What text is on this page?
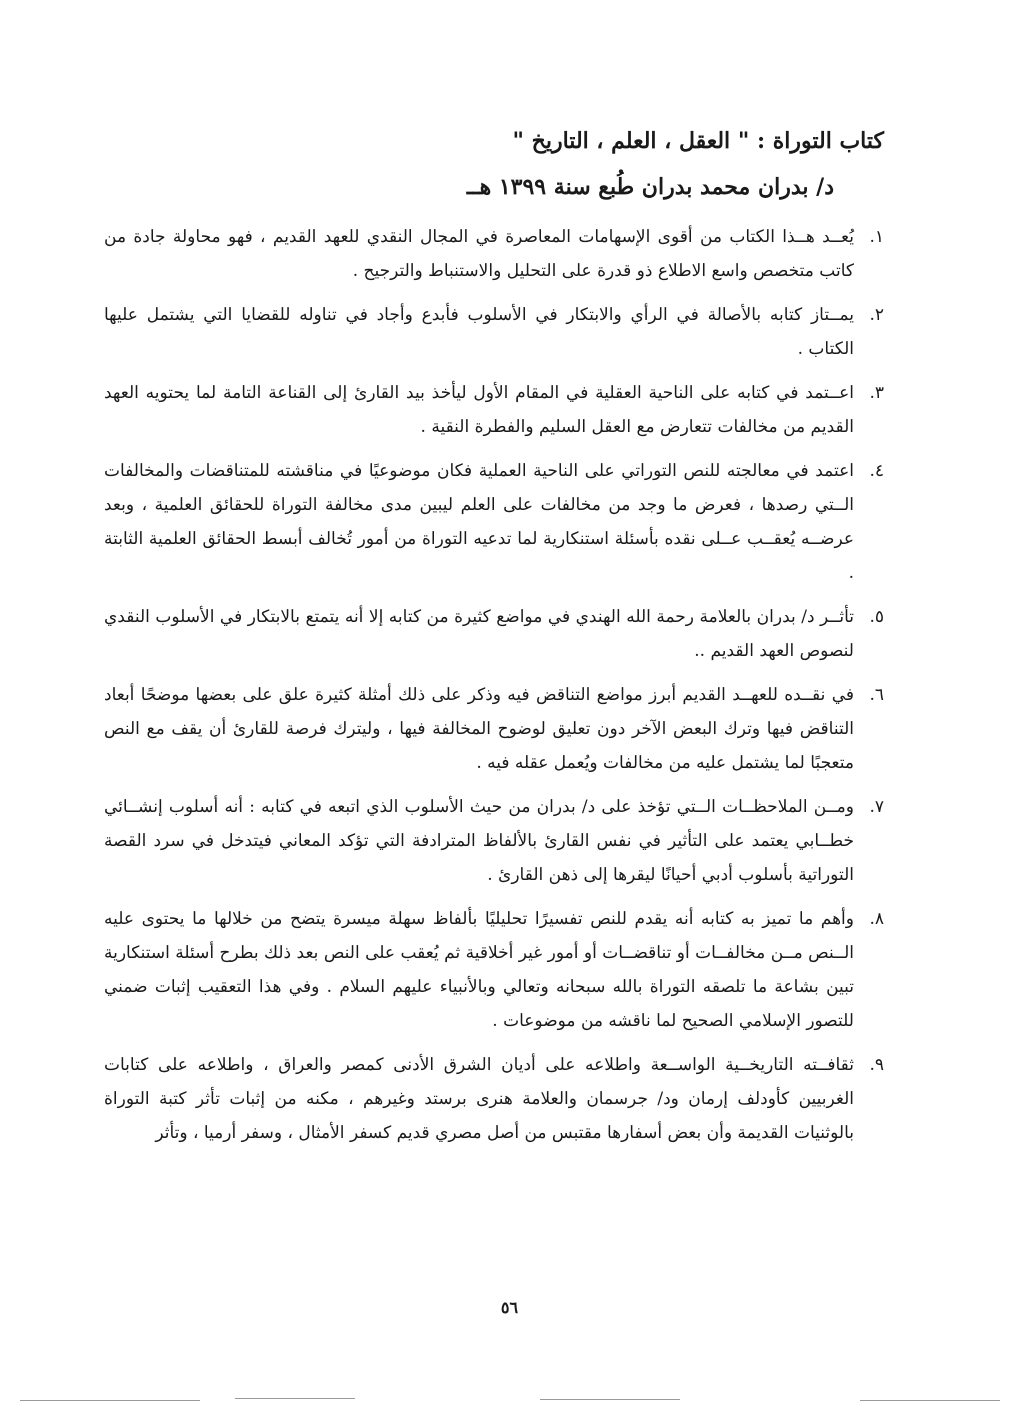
كتاب التوراة : " العقل ، العلم ، التاريخ "
د/ بدران محمد بدران طُبع سنة ١٣٩٩ هــ
١.
يُعــد هــذا الكتاب من أقوى الإسهامات المعاصرة في المجال النقدي للعهد القديم ، فهو محاولة جادة من كاتب متخصص واسع الاطلاع ذو قدرة على التحليل والاستنباط والترجيح .
٢.
يمــتاز كتابه بالأصالة في الرأي والابتكار في الأسلوب فأبدع وأجاد في تناوله للقضايا التي يشتمل عليها الكتاب .
٣.
اعــتمد في كتابه على الناحية العقلية في المقام الأول ليأخذ بيد القارئ إلى القناعة التامة لما يحتويه العهد القديم من مخالفات تتعارض مع العقل السليم والفطرة النقية .
٤.
اعتمد في معالجته للنص التوراتي على الناحية العملية فكان موضوعيًا في مناقشته للمتناقضات والمخالفات الــتي رصدها ، فعرض ما وجد من مخالفات على العلم ليبين مدى مخالفة التوراة للحقائق العلمية ، وبعد عرضــه يُعقــب عــلى نقده بأسئلة استنكارية لما تدعيه التوراة من أمور تُخالف أبسط الحقائق العلمية الثابتة .
٥.
تأثــر د/ بدران بالعلامة رحمة الله الهندي في مواضع كثيرة من كتابه إلا أنه يتمتع بالابتكار في الأسلوب النقدي لنصوص العهد القديم ..
٦.
في نقــده للعهــد القديم أبرز مواضع التناقض فيه وذكر على ذلك أمثلة كثيرة علق على بعضها موضحًا أبعاد التناقض فيها وترك البعض الآخر دون تعليق لوضوح المخالفة فيها ، وليترك فرصة للقارئ أن يقف مع النص متعجبًا لما يشتمل عليه من مخالفات ويُعمل عقله فيه .
٧.
ومــن الملاحظــات الــتي تؤخذ على د/ بدران من حيث الأسلوب الذي اتبعه في كتابه : أنه أسلوب إنشــائي خطــابي يعتمد على التأثير في نفس القارئ بالألفاظ المترادفة التي تؤكد المعاني فيتدخل في سرد القصة التوراتية بأسلوب أدبي أحيانًا ليقرها إلى ذهن القارئ .
٨.
وأهم ما تميز به كتابه أنه يقدم للنص تفسيرًا تحليليًا بألفاظ سهلة ميسرة يتضح من خلالها ما يحتوى عليه الــنص مــن مخالفــات أو تناقضــات أو أمور غير أخلاقية ثم يُعقب على النص بعد ذلك بطرح أسئلة استنكارية تبين بشاعة ما تلصقه التوراة بالله سبحانه وتعالي وبالأنبياء عليهم السلام . وفي هذا التعقيب إثبات ضمني للتصور الإسلامي الصحيح لما ناقشه من موضوعات .
٩.
ثقافــته التاريخــية الواســعة واطلاعه على أديان الشرق الأدنى كمصر والعراق ، واطلاعه على كتابات الغربيين كأودلف إرمان ود/ جرسمان والعلامة هنرى برستد وغيرهم ، مكنه من إثبات تأثر كتبة التوراة بالوثنيات القديمة وأن بعض أسفارها مقتبس من أصل مصري قديم كسفر الأمثال ، وسفر أرميا ، وتأثر
٥٦
